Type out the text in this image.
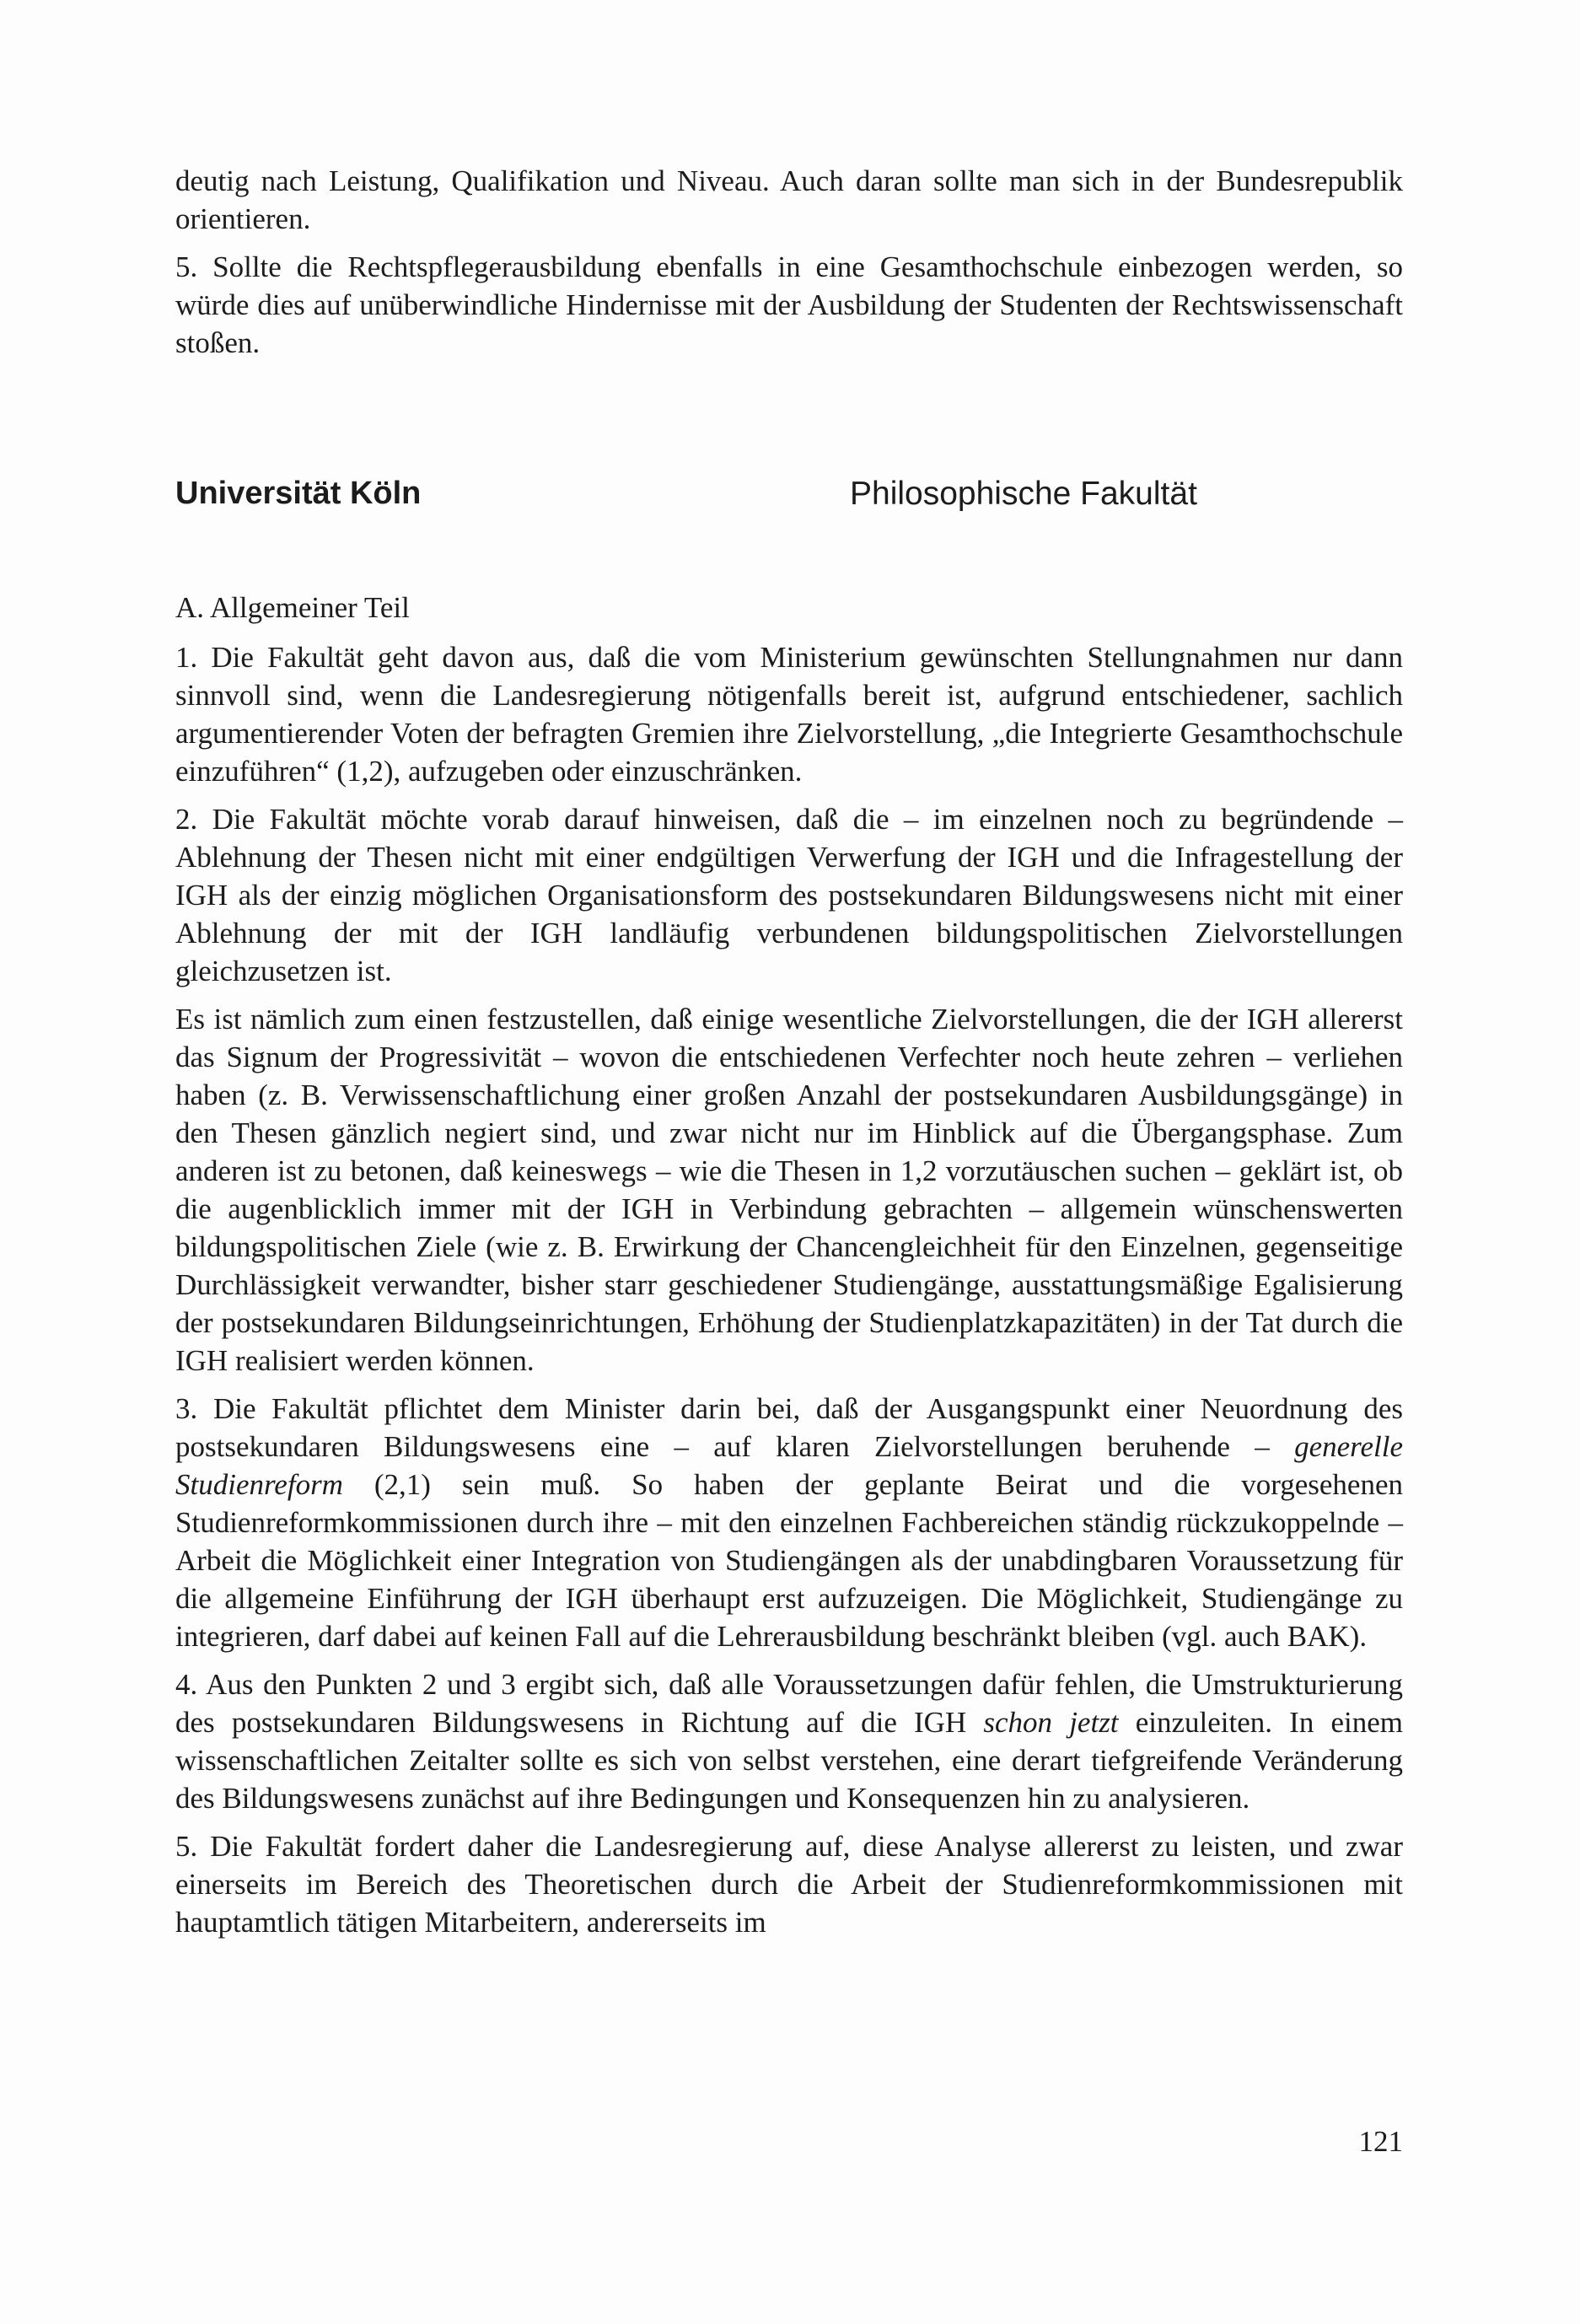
deutig nach Leistung, Qualifikation und Niveau. Auch daran sollte man sich in der Bundesrepublik orientieren.

5. Sollte die Rechtspflegerausbildung ebenfalls in eine Gesamthochschule einbezogen werden, so würde dies auf unüberwindliche Hindernisse mit der Ausbildung der Studenten der Rechtswissenschaft stoßen.

Universität Köln	Philosophische Fakultät

A. Allgemeiner Teil

1. Die Fakultät geht davon aus, daß die vom Ministerium gewünschten Stellungnahmen nur dann sinnvoll sind, wenn die Landesregierung nötigenfalls bereit ist, aufgrund entschiedener, sachlich argumentierender Voten der befragten Gremien ihre Zielvorstellung, „die Integrierte Gesamthochschule einzuführen“ (1,2), aufzugeben oder einzuschränken.

2. Die Fakultät möchte vorab darauf hinweisen, daß die – im einzelnen noch zu begründende – Ablehnung der Thesen nicht mit einer endgültigen Verwerfung der IGH und die Infragestellung der IGH als der einzig möglichen Organisationsform des postsekundaren Bildungswesens nicht mit einer Ablehnung der mit der IGH landläufig verbundenen bildungspolitischen Zielvorstellungen gleichzusetzen ist.

Es ist nämlich zum einen festzustellen, daß einige wesentliche Zielvorstellungen, die der IGH allererst das Signum der Progressivität – wovon die entschiedenen Verfechter noch heute zehren – verliehen haben (z. B. Verwissenschaftlichung einer großen Anzahl der postsekundaren Ausbildungsgänge) in den Thesen gänzlich negiert sind, und zwar nicht nur im Hinblick auf die Übergangsphase. Zum anderen ist zu betonen, daß keineswegs – wie die Thesen in 1,2 vorzutäuschen suchen – geklärt ist, ob die augenblicklich immer mit der IGH in Verbindung gebrachten – allgemein wünschenswerten bildungspolitischen Ziele (wie z. B. Erwirkung der Chancengleichheit für den Einzelnen, gegenseitige Durchlässigkeit verwandter, bisher starr geschiedener Studiengänge, ausstattungsmäßige Egalisierung der postsekundaren Bildungseinrichtungen, Erhöhung der Studienplatzkapazitäten) in der Tat durch die IGH realisiert werden können.

3. Die Fakultät pflichtet dem Minister darin bei, daß der Ausgangspunkt einer Neuordnung des postsekundaren Bildungswesens eine – auf klaren Zielvorstellungen beruhende – generelle Studienreform (2,1) sein muß. So haben der geplante Beirat und die vorgesehenen Studienreformkommissionen durch ihre – mit den einzelnen Fachbereichen ständig rückzukoppelnde – Arbeit die Möglichkeit einer Integration von Studiengängen als der unabdingbaren Voraussetzung für die allgemeine Einführung der IGH überhaupt erst aufzuzeigen. Die Möglichkeit, Studiengänge zu integrieren, darf dabei auf keinen Fall auf die Lehrerausbildung beschränkt bleiben (vgl. auch BAK).

4. Aus den Punkten 2 und 3 ergibt sich, daß alle Voraussetzungen dafür fehlen, die Umstrukturierung des postsekundaren Bildungswesens in Richtung auf die IGH schon jetzt einzuleiten. In einem wissenschaftlichen Zeitalter sollte es sich von selbst verstehen, eine derart tiefgreifende Veränderung des Bildungswesens zunächst auf ihre Bedingungen und Konsequenzen hin zu analysieren.

5. Die Fakultät fordert daher die Landesregierung auf, diese Analyse allererst zu leisten, und zwar einerseits im Bereich des Theoretischen durch die Arbeit der Studienreformkommissionen mit hauptamtlich tätigen Mitarbeitern, andererseits im

121
